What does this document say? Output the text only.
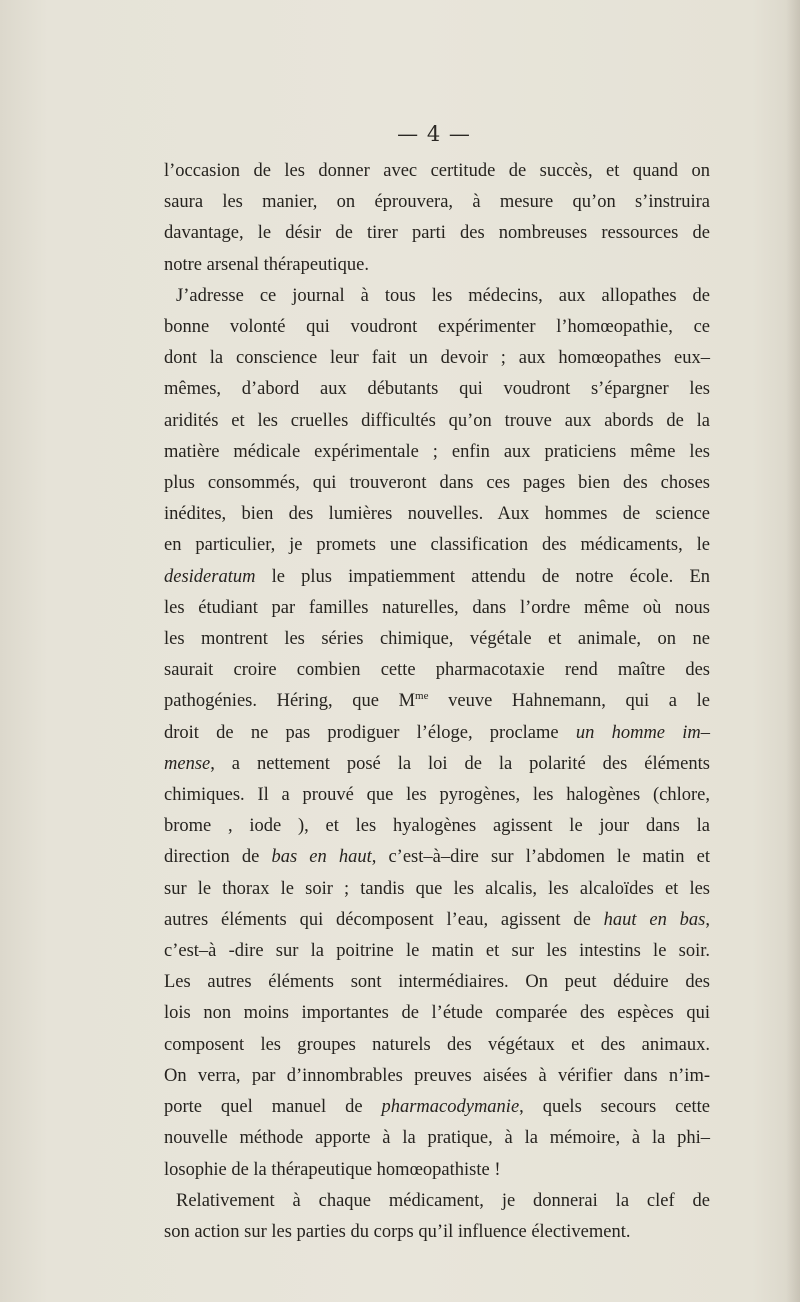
— 4 —

l’occasion de les donner avec certitude de succès, et quand on

saura les manier, on éprouvera, à mesure qu’on s’instruira

davantage, le désir de tirer parti des nombreuses ressources de

notre arsenal thérapeutique.

J’adresse ce journal à tous les médecins, aux allopathes de

bonne volonté qui voudront expérimenter l’homœopathie, ce

dont la conscience leur fait un devoir ; aux homœopathes eux–

mêmes, d’abord aux débutants qui voudront s’épargner les

aridités et les cruelles difficultés qu’on trouve aux abords de la

matière médicale expérimentale ; enfin aux praticiens même les

plus consommés, qui trouveront dans ces pages bien des choses

inédites, bien des lumières nouvelles. Aux hommes de science

en particulier, je promets une classification des médicaments, le

desideratum le plus impatiemment attendu de notre école. En

les étudiant par familles naturelles, dans l’ordre même où nous

les montrent les séries chimique, végétale et animale, on ne

saurait croire combien cette pharmacotaxie rend maître des

pathogénies. Héring, que $M^{me}$ veuve Hahnemann, qui a le

droit de ne pas prodiguer l’éloge, proclame un homme im–

mense, a nettement posé la loi de la polarité des éléments

chimiques. Il a prouvé que les pyrogènes, les halogènes (chlore,

brome , iode ), et les hyalogènes agissent le jour dans la

direction de bas en haut, c’est–à–dire sur l’abdomen le matin et

sur le thorax le soir ; tandis que les alcalis, les alcaloïdes et les

autres éléments qui décomposent l’eau, agissent de haut en bas,

c’est–à -dire sur la poitrine le matin et sur les intestins le soir.

Les autres éléments sont intermédiaires. On peut déduire des

lois non moins importantes de l’étude comparée des espèces qui

composent les groupes naturels des végétaux et des animaux.

On verra, par d’innombrables preuves aisées à vérifier dans n’im-

porte quel manuel de pharmacodymanie, quels secours cette

nouvelle méthode apporte à la pratique, à la mémoire, à la phi–

losophie de la thérapeutique homœopathiste !

Relativement à chaque médicament, je donnerai la clef de

son action sur les parties du corps qu’il influence électivement.
